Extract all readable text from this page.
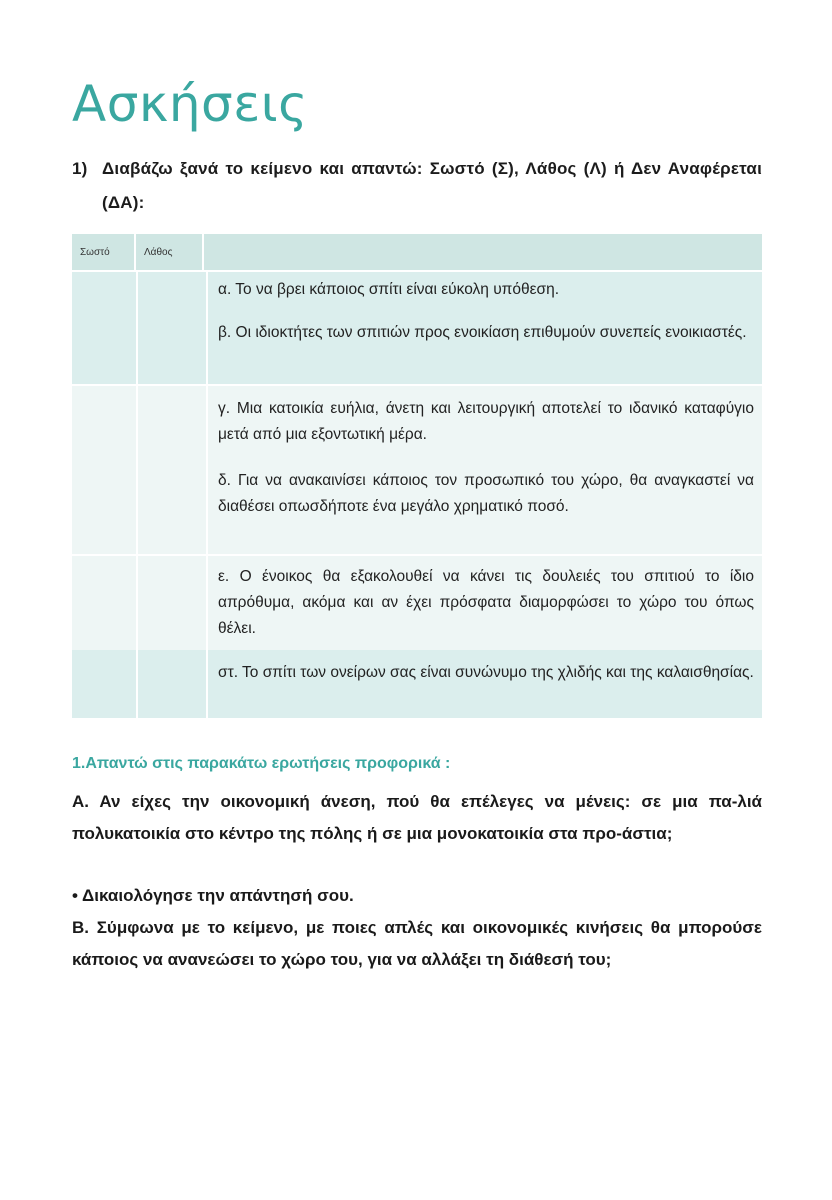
Ασκήσεις
1) Διαβάζω ξανά το κείμενο και απαντώ: Σωστό (Σ), Λάθος (Λ) ή Δεν Αναφέρεται (ΔΑ):
Σωστό	Λάθος
α. Το να βρει κάποιος σπίτι είναι εύκολη υπόθεση.
β. Οι ιδιοκτήτες των σπιτιών προς ενοικίαση επιθυμούν συνεπείς ενοικιαστές.
γ. Μια κατοικία ευήλια, άνετη και λειτουργική αποτελεί το ιδανικό καταφύγιο μετά από μια εξοντωτική μέρα.
δ. Για να ανακαινίσει κάποιος τον προσωπικό του χώρο, θα αναγκαστεί να διαθέσει οπωσδήποτε ένα μεγάλο χρηματικό ποσό.
ε. Ο ένοικος θα εξακολουθεί να κάνει τις δουλειές του σπιτιού το ίδιο απρόθυμα, ακόμα και αν έχει πρόσφατα διαμορφώσει το χώρο του όπως θέλει.
στ. Το σπίτι των ονείρων σας είναι συνώνυμο της χλιδής και της καλαισθησίας.
1.Απαντώ στις παρακάτω ερωτήσεις προφορικά :

Α. Αν είχες την οικονομική άνεση, πού θα επέλεγες να μένεις: σε μια πα-λιά πολυκατοικία στο κέντρο της πόλης ή σε μια μονοκατοικία στα προ-άστια;

• Δικαιολόγησε την απάντησή σου.

Β. Σύμφωνα με το κείμενο, με ποιες απλές και οικονομικές κινήσεις θα μπορούσε κάποιος να ανανεώσει το χώρο του, για να αλλάξει τη διάθεσή του;
